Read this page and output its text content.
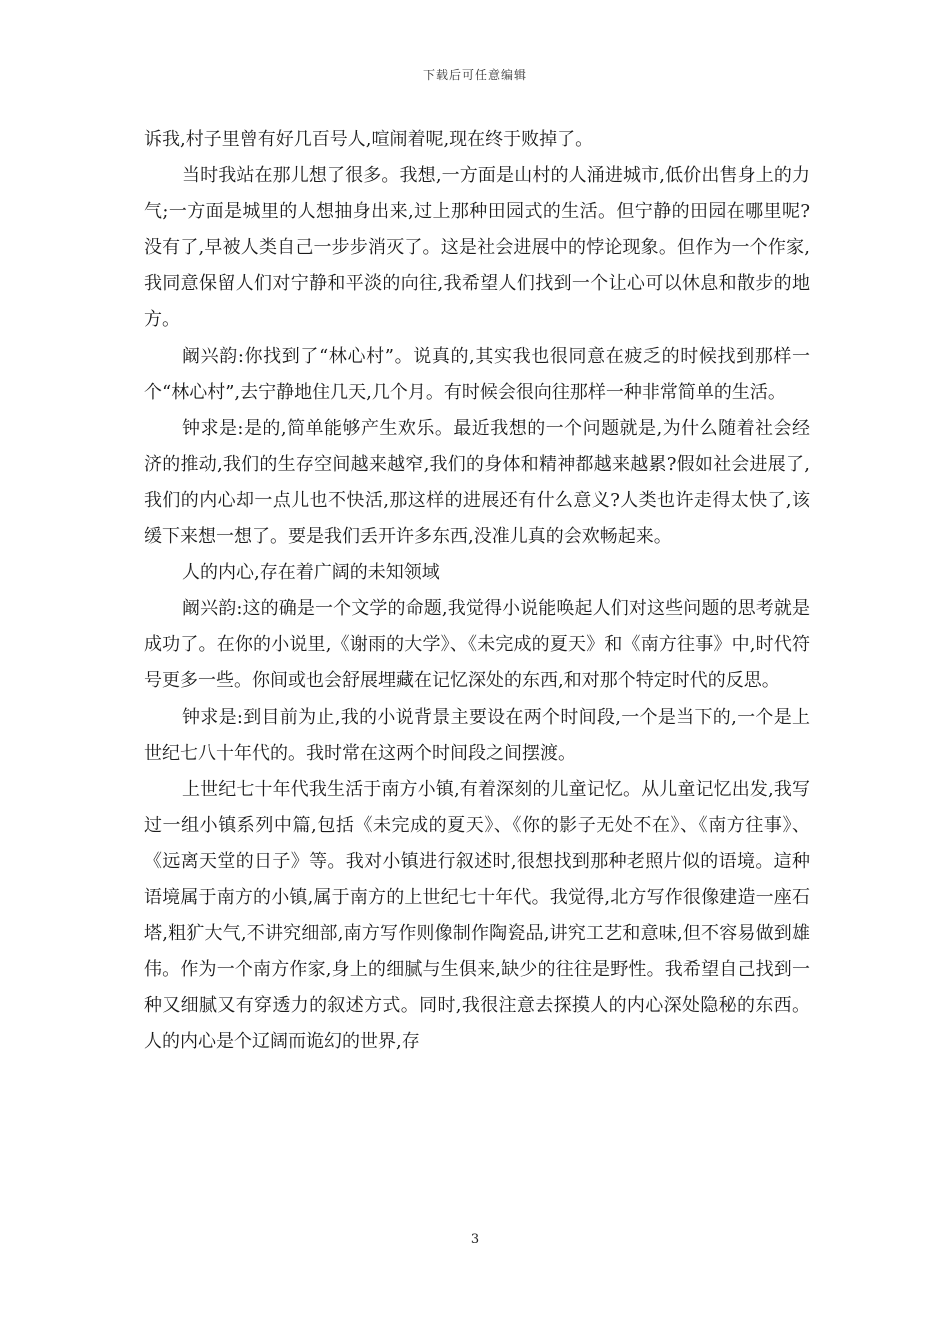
下载后可任意编辑

诉我,村子里曾有好几百号人,喧闹着呢,现在终于败掉了。

当时我站在那儿想了很多。我想,一方面是山村的人涌进城市,低价出售身上的力气;一方面是城里的人想抽身出来,过上那种田园式的生活。但宁静的田园在哪里呢?没有了,早被人类自己一步步消灭了。这是社会进展中的悖论现象。但作为一个作家,我同意保留人们对宁静和平淡的向往,我希望人们找到一个让心可以休息和散步的地方。

阚兴韵:你找到了“林心村”。说真的,其实我也很同意在疲乏的时候找到那样一个“林心村”,去宁静地住几天,几个月。有时候会很向往那样一种非常简单的生活。

钟求是:是的,简单能够产生欢乐。最近我想的一个问题就是,为什么随着社会经济的推动,我们的生存空间越来越窄,我们的身体和精神都越来越累?假如社会进展了,我们的内心却一点儿也不快活,那这样的进展还有什么意义?人类也许走得太快了,该缓下来想一想了。要是我们丢开许多东西,没准儿真的会欢畅起来。

人的内心,存在着广阔的未知领域

阚兴韵:这的确是一个文学的命题,我觉得小说能唤起人们对这些问题的思考就是成功了。在你的小说里,《谢雨的大学》、《未完成的夏天》和《南方往事》中,时代符号更多一些。你间或也会舒展埋藏在记忆深处的东西,和对那个特定时代的反思。

钟求是:到目前为止,我的小说背景主要设在两个时间段,一个是当下的,一个是上世纪七八十年代的。我时常在这两个时间段之间摆渡。

上世纪七十年代我生活于南方小镇,有着深刻的儿童记忆。从儿童记忆出发,我写过一组小镇系列中篇,包括《未完成的夏天》、《你的影子无处不在》、《南方往事》、《远离天堂的日子》等。我对小镇进行叙述时,很想找到那种老照片似的语境。這种语境属于南方的小镇,属于南方的上世纪七十年代。我觉得,北方写作很像建造一座石塔,粗犷大气,不讲究细部,南方写作则像制作陶瓷品,讲究工艺和意味,但不容易做到雄伟。作为一个南方作家,身上的细腻与生俱来,缺少的往往是野性。我希望自己找到一种又细腻又有穿透力的叙述方式。同时,我很注意去探摸人的内心深处隐秘的东西。人的内心是个辽阔而诡幻的世界,存

3
